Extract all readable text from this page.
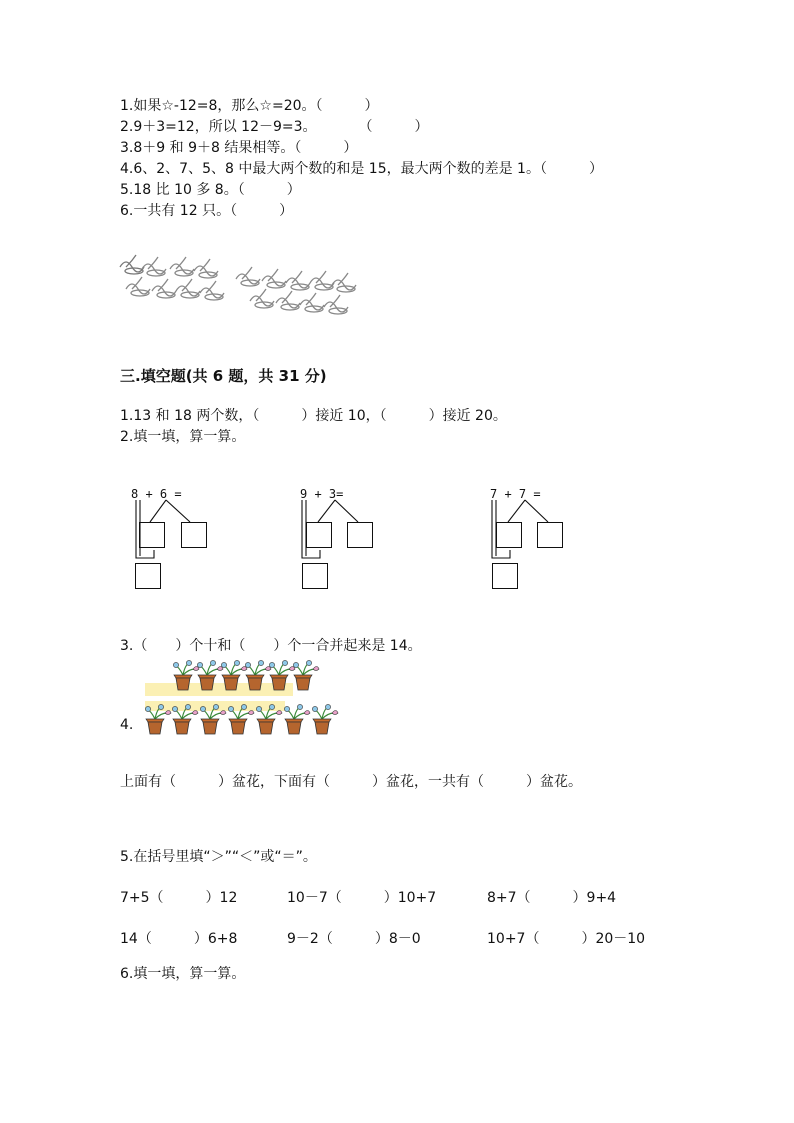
1.如果☆-12=8，那么☆=20。（　　　）
2.9＋3=12，所以 12－9=3。　　　　（　　　）
3.8＋9 和 9＋8 结果相等。（　　　）
4.6、2、7、5、8 中最大两个数的和是 15，最大两个数的差是 1。（　　　）
5.18 比 10 多 8。（　　　）
6.一共有 12 只。（　　　）
三.填空题(共 6 题，共 31 分)
1.13 和 18 两个数，（　　　）接近 10，（　　　）接近 20。
2.填一填，算一算。
8 + 6 =	9 + 3=	7 + 7 =
3.（　　）个十和（　　）个一合并起来是 14。
4.
上面有（　　　）盆花，下面有（　　　）盆花，一共有（　　　）盆花。
5.在括号里填“＞”“＜”或“＝”。
7+5（　　　）12	10－7（　　　）10+7	8+7（　　　）9+4
14（　　　）6+8	9－2（　　　）8－0	10+7（　　　）20－10
6.填一填，算一算。
